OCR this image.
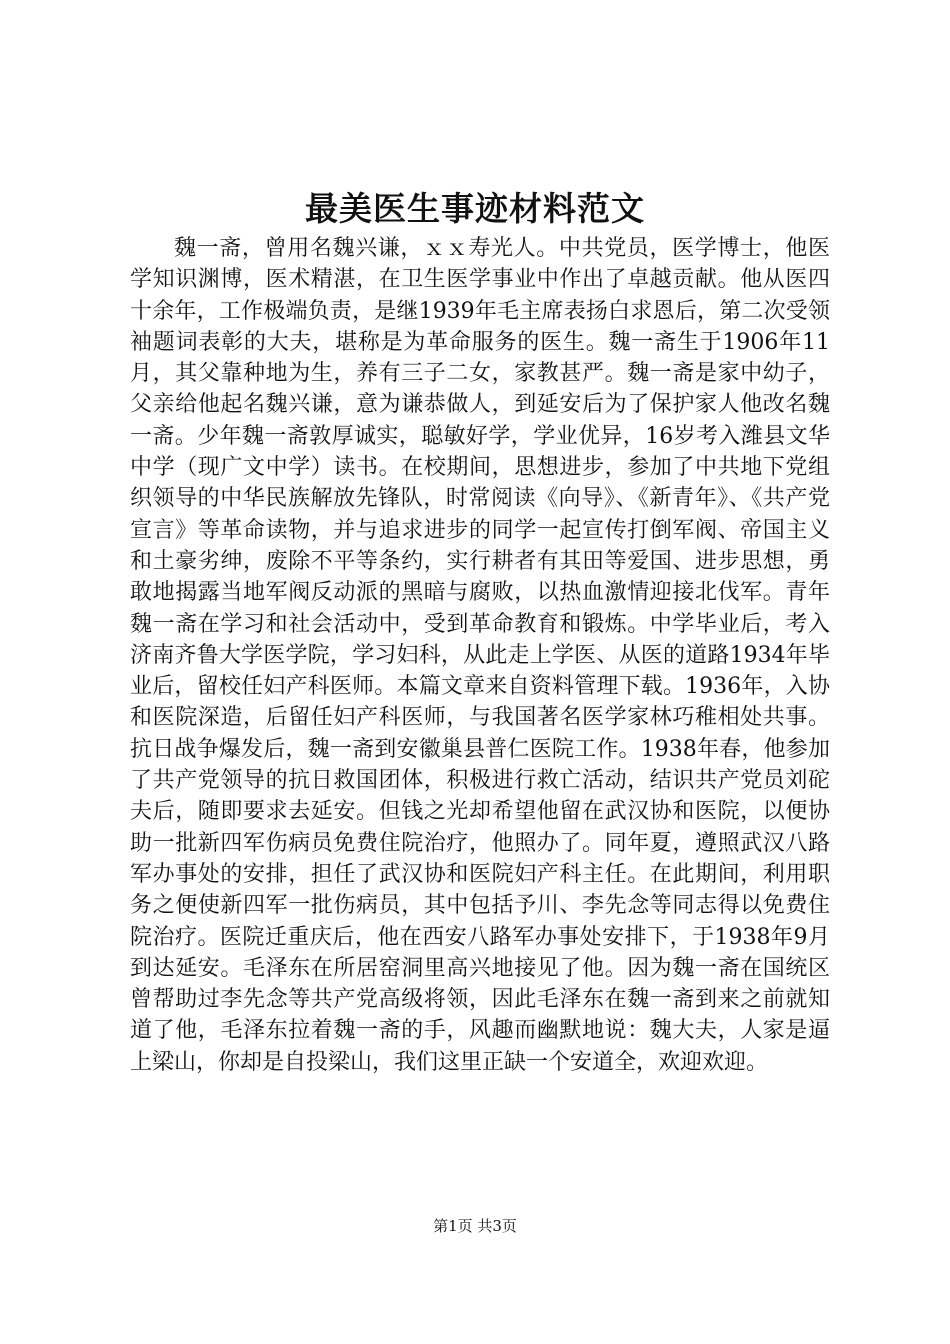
最美医生事迹材料范文

魏一斋，曾用名魏兴谦，ｘｘ寿光人。中共党员，医学博士，他医学知识渊博，医术精湛，在卫生医学事业中作出了卓越贡献。他从医四十余年，工作极端负责，是继1939年毛主席表扬白求恩后，第二次受领袖题词表彰的大夫，堪称是为革命服务的医生。魏一斋生于1906年11月，其父靠种地为生，养有三子二女，家教甚严。魏一斋是家中幼子，父亲给他起名魏兴谦，意为谦恭做人，到延安后为了保护家人他改名魏一斋。少年魏一斋敦厚诚实，聪敏好学，学业优异，16岁考入潍县文华中学（现广文中学）读书。在校期间，思想进步，参加了中共地下党组织领导的中华民族解放先锋队，时常阅读《向导》、《新青年》、《共产党宣言》等革命读物，并与追求进步的同学一起宣传打倒军阀、帝国主义和土豪劣绅，废除不平等条约，实行耕者有其田等爱国、进步思想，勇敢地揭露当地军阀反动派的黑暗与腐败，以热血激情迎接北伐军。青年魏一斋在学习和社会活动中，受到革命教育和锻炼。中学毕业后，考入济南齐鲁大学医学院，学习妇科，从此走上学医、从医的道路1934年毕业后，留校任妇产科医师。本篇文章来自资料管理下载。1936年，入协和医院深造，后留任妇产科医师，与我国著名医学家林巧稚相处共事。抗日战争爆发后，魏一斋到安徽巢县普仁医院工作。1938年春，他参加了共产党领导的抗日救国团体，积极进行救亡活动，结识共产党员刘砣夫后，随即要求去延安。但钱之光却希望他留在武汉协和医院，以便协助一批新四军伤病员免费住院治疗，他照办了。同年夏，遵照武汉八路军办事处的安排，担任了武汉协和医院妇产科主任。在此期间，利用职务之便使新四军一批伤病员，其中包括予川、李先念等同志得以免费住院治疗。医院迁重庆后，他在西安八路军办事处安排下，于1938年9月到达延安。毛泽东在所居窑洞里高兴地接见了他。因为魏一斋在国统区曾帮助过李先念等共产党高级将领，因此毛泽东在魏一斋到来之前就知道了他，毛泽东拉着魏一斋的手，风趣而幽默地说：魏大夫，人家是逼上梁山，你却是自投梁山，我们这里正缺一个安道全，欢迎欢迎。

第1页 共3页
